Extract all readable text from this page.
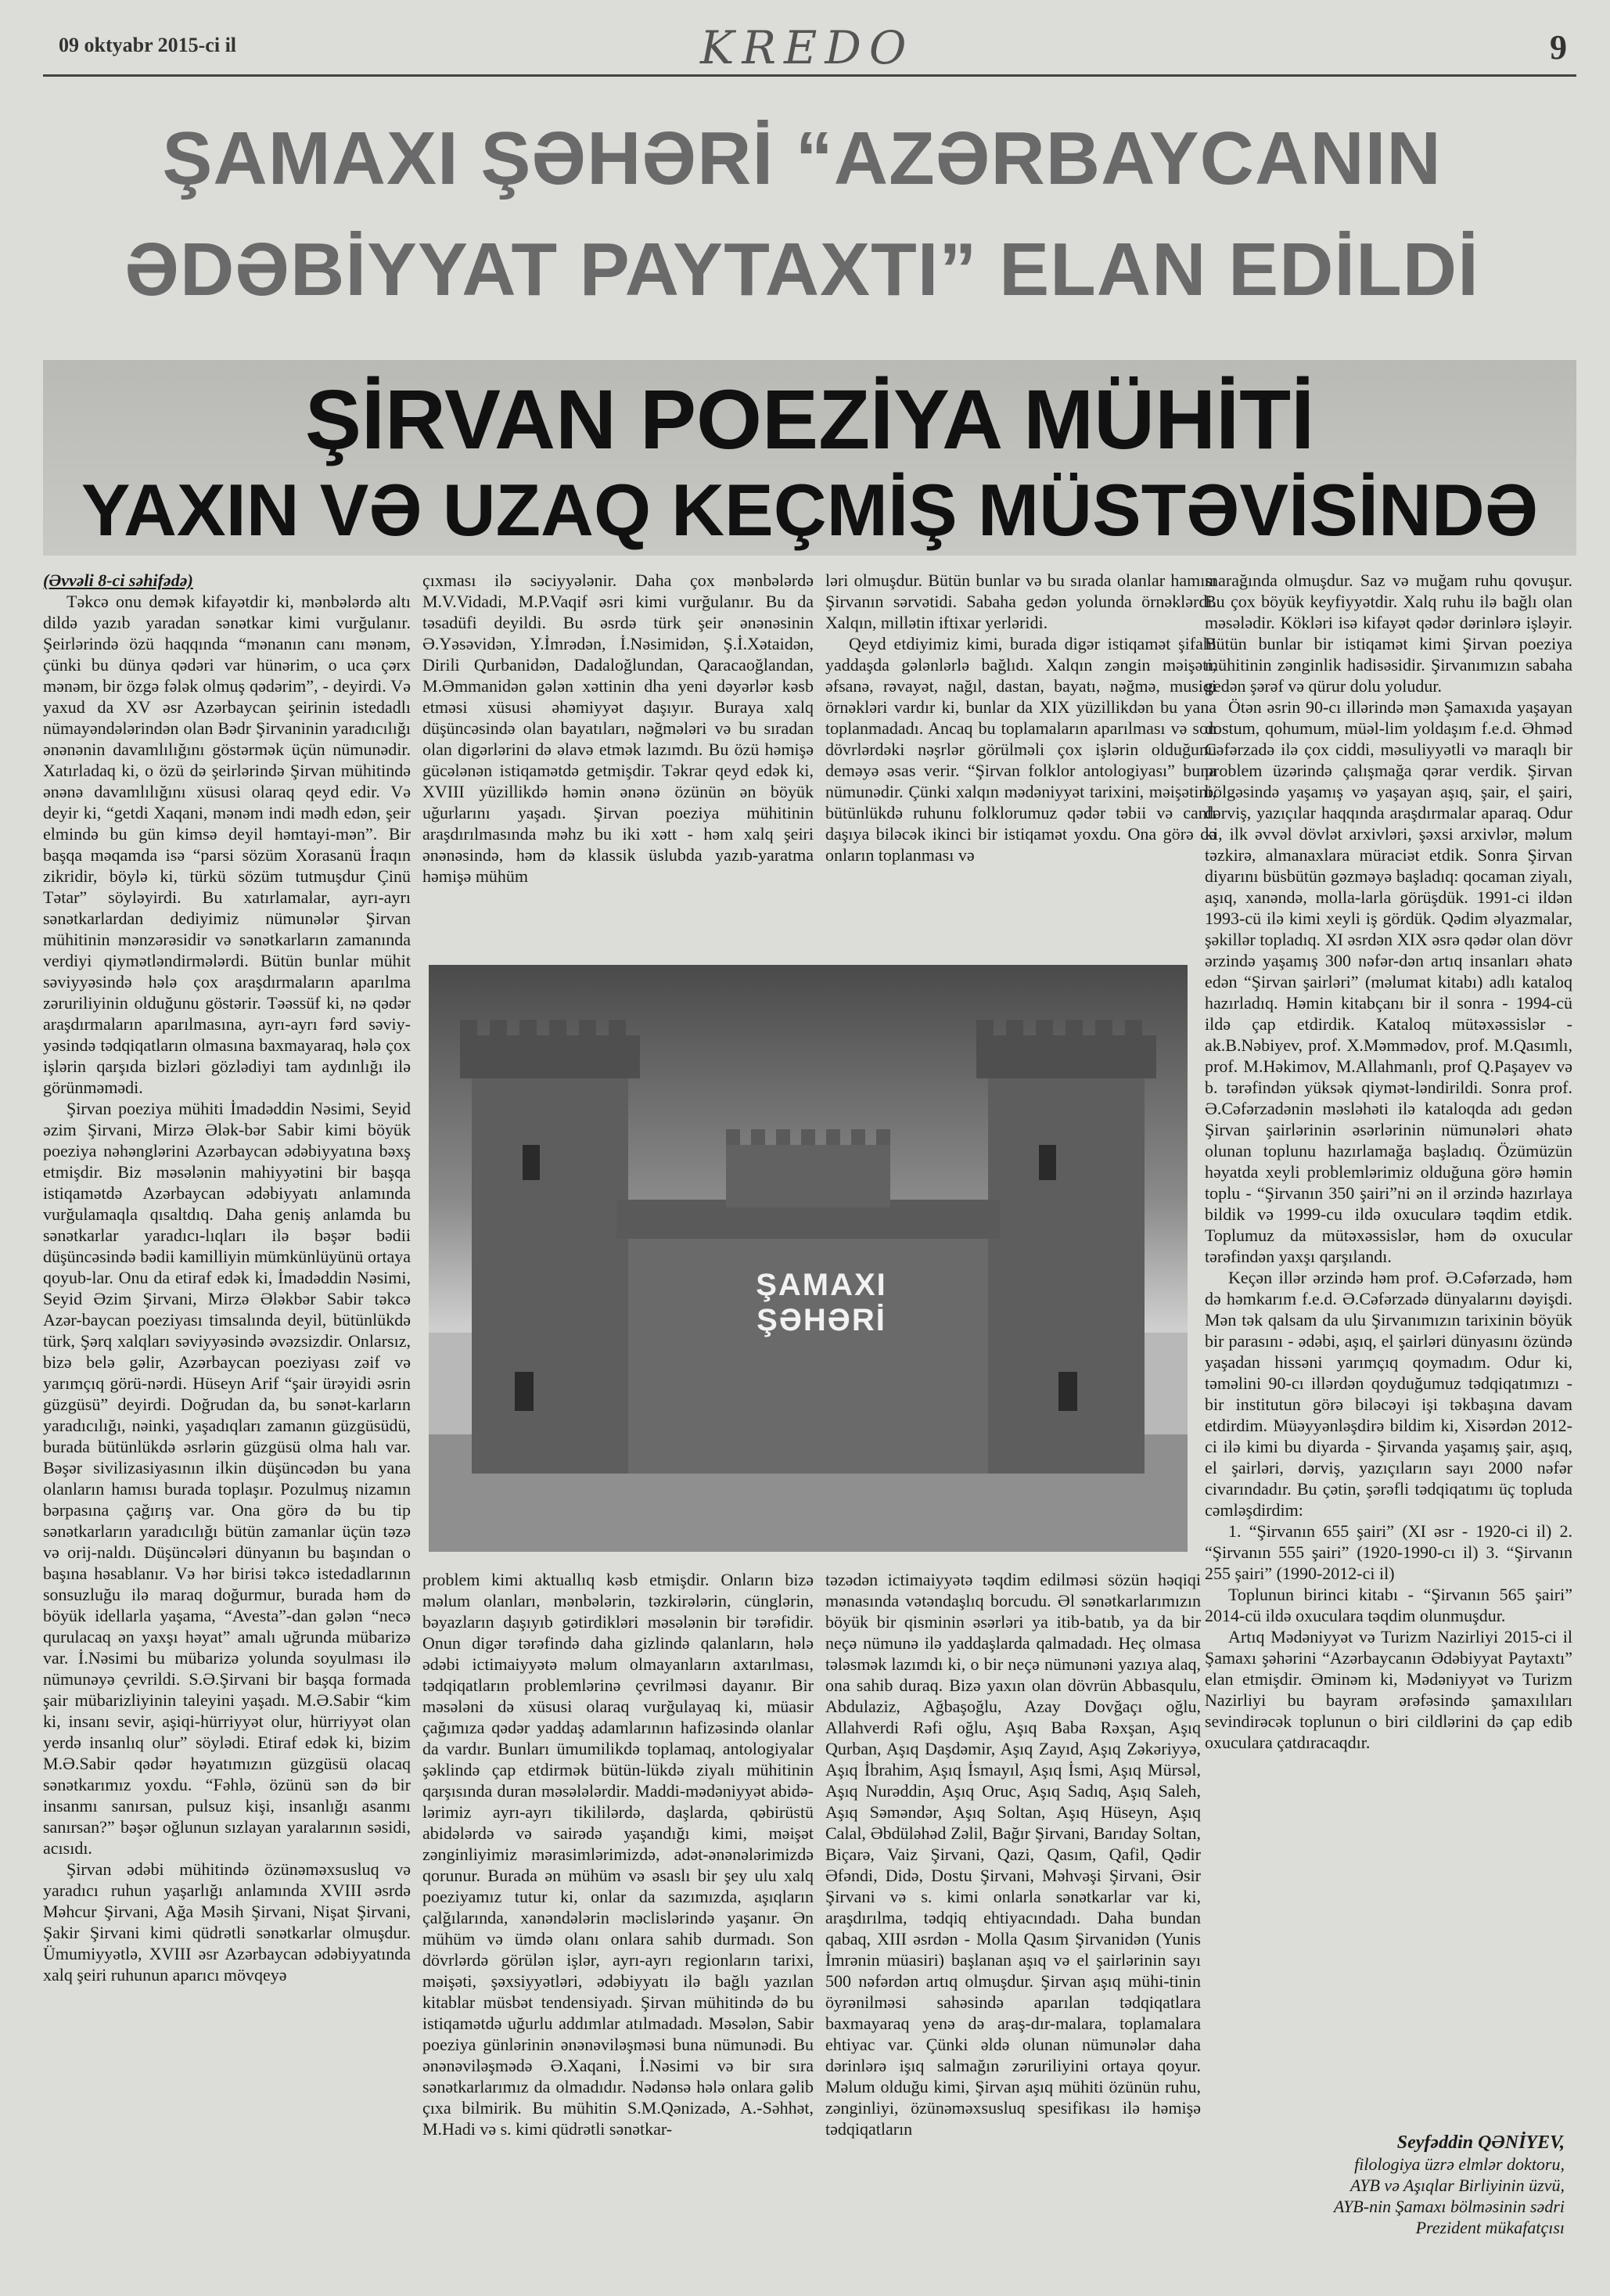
09 oktyabr 2015-ci il	KREDO	9
ŞAMAXI ŞƏHƏRİ “AZƏRBAYCANIN
ƏDƏBİYYAT PAYTAXTI” ELAN EDİLDİ
ŞİRVAN POEZİYA MÜHİTİ
YAXIN VƏ UZAQ KEÇMİŞ MÜSTƏVİSİNDƏ

(Əvvəli 8-ci səhifədə)

Təkcə onu demək kifayətdir ki, mənbələrdə altı dildə yazıb yaradan sənətkar kimi vurğulanır. Şeirlərində özü haqqında “mənanın canı mənəm, çünki bu dünya qədəri var hünərim, o uca çərx mənəm, bir özgə fələk olmuş qədərim”, - deyirdi. Və yaxud da XV əsr Azərbaycan şeirinin istedadlı nümayəndələrindən olan Bədr Şirvaninin yaradıcılığı ənənənin davamlılığını göstərmək üçün nümunədir. Xatırladaq ki, o özü də şeirlərində Şirvan mühitində ənənə davamlılığını xüsusi olaraq qeyd edir. Və deyir ki, “getdi Xaqani, mənəm indi mədh edən, şeir elmində bu gün kimsə deyil həmtayi-mən”. Bir başqa məqamda isə “parsi sözüm Xorasanü İraqın zikridir, böylə ki, türkü sözüm tutmuşdur Çinü Tətar” söyləyirdi. Bu xatırlamalar, ayrı-ayrı sənətkarlardan dediyimiz nümunələr Şirvan mühitinin mənzərəsidir və sənətkarların zamanında verdiyi qiymətləndirmələrdi. Bütün bunlar mühit səviyyəsində hələ çox araşdırmaların aparılma zəruriliyinin olduğunu göstərir. Təəssüf ki, nə qədər araşdırmaların aparılmasına, ayrı-ayrı fərd səviy-yəsində tədqiqatların olmasına baxmayaraq, hələ çox işlərin qarşıda bizləri gözlədiyi tam aydınlığı ilə görünməmədi.

Şirvan poeziya mühiti İmadəddin Nəsimi, Seyid əzim Şirvani, Mirzə Ələk-bər Sabir kimi böyük poeziya nəhənglərini Azərbaycan ədəbiyyatına bəxş etmişdir. Biz məsələnin mahiyyətini bir başqa istiqamətdə Azərbaycan ədəbiyyatı anlamında vurğulamaqla qısaltdıq. Daha geniş anlamda bu sənətkarlar yaradıcı-lıqları ilə bəşər bədii düşüncəsində bədii kamilliyin mümkünlüyünü ortaya qoyub-lar. Onu da etiraf edək ki, İmadəddin Nəsimi, Seyid Əzim Şirvani, Mirzə Ələkbər Sabir təkcə Azər-baycan poeziyası timsalında deyil, bütünlükdə türk, Şərq xalqları səviyyəsində əvəzsizdir. Onlarsız, bizə belə gəlir, Azərbaycan poeziyası zəif və yarımçıq görü-nərdi. Hüseyn Arif “şair ürəyidi əsrin güzgüsü” deyirdi. Doğrudan da, bu sənət-karların yaradıcılığı, nəinki, yaşadıqları zamanın güzgüsüdü, burada bütünlükdə əsrlərin güzgüsü olma halı var. Bəşər sivilizasiyasının ilkin düşüncədən bu yana olanların hamısı burada toplaşır. Pozulmuş nizamın bərpasına çağırış var. Ona görə də bu tip sənətkarların yaradıcılığı bütün zamanlar üçün təzə və orij-naldı. Düşüncələri dünyanın bu başından o başına həsablanır. Və hər birisi təkcə istedadlarının sonsuzluğu ilə maraq doğurmur, burada həm də böyük idellarla yaşama, “Avesta”-dan gələn “necə qurulacaq ən yaxşı həyat” amalı uğrunda mübarizə var. İ.Nəsimi bu mübarizə yolunda soyulması ilə nümunəyə çevrildi. S.Ə.Şirvani bir başqa formada şair mübarizliyinin taleyini yaşadı. M.Ə.Sabir “kim ki, insanı sevir, aşiqi-hürriyyət olur, hürriyyət olan yerdə insanlıq olur” söylədi. Etiraf edək ki, bizim M.Ə.Sabir qədər həyatımızın güzgüsü olacaq sənətkarımız yoxdu. “Fəhlə, özünü sən də bir insanmı sanırsan, pulsuz kişi, insanlığı asanmı sanırsan?” bəşər oğlunun sızlayan yaralarının səsidi, acısıdı.

Şirvan ədəbi mühitində özünəməxsusluq və yaradıcı ruhun yaşarlığı anlamında XVIII əsrdə Məhcur Şirvani, Ağa Məsih Şirvani, Nişat Şirvani, Şakir Şirvani kimi qüdrətli sənətkarlar olmuşdur. Ümumiyyətlə, XVIII əsr Azərbaycan ədəbiyyatında xalq şeiri ruhunun aparıcı mövqeyə

çıxması ilə səciyyələnir. Daha çox mənbələrdə M.V.Vidadi, M.P.Vaqif əsri kimi vurğulanır. Bu da təsadüfi deyildi. Bu əsrdə türk şeir ənənəsinin Ə.Yəsəvidən, Y.İmrədən, İ.Nəsimidən, Ş.İ.Xətaidən, Dirili Qurbanidən, Dadaloğlundan, Qaracaoğlandan, M.Əmmanidən gələn xəttinin dha yeni dəyərlər kəsb etməsi xüsusi əhəmiyyət daşıyır. Buraya xalq düşüncəsində olan bayatıları, nəğmələri və bu sıradan olan digərlərini də əlavə etmək lazımdı. Bu özü həmişə gücələnən istiqamətdə getmişdir. Təkrar qeyd edək ki, XVIII yüzillikdə həmin ənənə özünün ən böyük uğurlarını yaşadı. Şirvan poeziya mühitinin araşdırılmasında məhz bu iki xətt - həm xalq şeiri ənənəsində, həm də klassik üslubda yazıb-yaratma həmişə mühüm

ləri olmuşdur. Bütün bunlar və bu sırada olanlar hamısı Şirvanın sərvətidi. Sabaha gedən yolunda örnəklərdi. Xalqın, millətin iftixar yerləridi.

Qeyd etdiyimiz kimi, burada digər istiqamət şifahi yaddaşda gələnlərlə bağlıdı. Xalqın zəngin məişəti, əfsanə, rəvayət, nağıl, dastan, bayatı, nəğmə, musiqi örnəkləri vardır ki, bunlar da XIX yüzillikdən bu yana toplanmadadı. Ancaq bu toplamaların aparılması və son dövrlərdəki nəşrlər görülməli çox işlərin olduğunu deməyə əsas verir. “Şirvan folklor antologiyası” buna nümunədir. Çünki xalqın mədəniyyət tarixini, məişətini, bütünlükdə ruhunu folklorumuz qədər təbii və canlı daşıya biləcək ikinci bir istiqamət yoxdu. Ona görə də onların toplanması və

ŞAMAXI ŞƏHƏRİ

marağında olmuşdur. Saz və muğam ruhu qovuşur. Bu çox böyük keyfiyyətdir. Xalq ruhu ilə bağlı olan məsələdir. Kökləri isə kifayət qədər dərinlərə işləyir. Bütün bunlar bir istiqamət kimi Şirvan poeziya mühitinin zənginlik hadisəsidir. Şirvanımızın sabaha gedən şərəf və qürur dolu yoludur.

Ötən əsrin 90-cı illərində mən Şamaxıda yaşayan dostum, qohumum, müəl-lim yoldaşım f.e.d. Əhməd Cəfərzadə ilə çox ciddi, məsuliyyətli və maraqlı bir problem üzərində çalışmağa qərar verdik. Şirvan bölgəsində yaşamış və yaşayan aşıq, şair, el şairi, dərviş, yazıçılar haqqında araşdırmalar aparaq. Odur ki, ilk əvvəl dövlət arxivləri, şəxsi arxivlər, məlum təzkirə, almanaxlara müraciət etdik. Sonra Şirvan diyarını büsbütün gəzməyə başladıq: qocaman ziyalı, aşıq, xanəndə, molla-larla görüşdük. 1991-ci ildən 1993-cü ilə kimi xeyli iş gördük. Qədim əlyazmalar, şəkillər topladıq. XI əsrdən XIX əsrə qədər olan dövr ərzində yaşamış 300 nəfər-dən artıq insanları əhatə edən “Şirvan şairləri” (məlumat kitabı) adlı kataloq hazırladıq. Həmin kitabçanı bir il sonra - 1994-cü ildə çap etdirdik. Kataloq mütəxəssislər - ak.B.Nəbiyev, prof. X.Məmmədov, prof. M.Qasımlı, prof. M.Həkimov, M.Allahmanlı, prof Q.Paşayev və b. tərəfindən yüksək qiymət-ləndirildi. Sonra prof. Ə.Cəfərzadənin məsləhəti ilə kataloqda adı gedən Şirvan şairlərinin əsərlərinin nümunələri əhatə olunan toplunu hazırlamağa başladıq. Özümüzün həyatda xeyli problemlərimiz olduğuna görə həmin toplu - “Şirvanın 350 şairi”ni ən il ərzində hazırlaya bildik və 1999-cu ildə oxucularə təqdim etdik. Toplumuz da mütəxəssislər, həm də oxucular tərəfindən yaxşı qarşılandı.

Keçən illər ərzində həm prof. Ə.Cəfərzadə, həm də həmkarım f.e.d. Ə.Cəfərzadə dünyalarını dəyişdi. Mən tək qalsam da ulu Şirvanımızın tarixinin böyük bir parasını - ədəbi, aşıq, el şairləri dünyasını özündə yaşadan hissəni yarımçıq qoymadım. Odur ki, təməlini 90-cı illərdən qoyduğumuz tədqiqatımızı - bir institutun görə biləcəyi işi təkbaşına davam etdirdim. Müəyyənləşdirə bildim ki, Xisərdən 2012-ci ilə kimi bu diyarda - Şirvanda yaşamış şair, aşıq, el şairləri, dərviş, yazıçıların sayı 2000 nəfər civarındadır. Bu çətin, şərəfli tədqiqatımı üç topluda cəmləşdirdim:

1. “Şirvanın 655 şairi” (XI əsr - 1920-ci il) 2. “Şirvanın 555 şairi” (1920-1990-cı il) 3. “Şirvanın 255 şairi” (1990-2012-ci il)

Toplunun birinci kitabı - “Şirvanın 565 şairi” 2014-cü ildə oxuculara təqdim olunmuşdur.

Artıq Mədəniyyət və Turizm Nazirliyi 2015-ci il Şamaxı şəhərini “Azərbaycanın Ədəbiyyat Paytaxtı” elan etmişdir. Əminəm ki, Mədəniyyət və Turizm Nazirliyi bu bayram ərəfəsində şamaxılıları sevindirəcək toplunun o biri cildlərini də çap edib oxuculara çatdıracaqdır.

problem kimi aktuallıq kəsb etmişdir. Onların bizə məlum olanları, mənbələrin, təzkirələrin, cünglərin, bəyazların daşıyıb gətirdikləri məsələnin bir tərəfidir. Onun digər tərəfində daha gizlində qalanların, hələ ədəbi ictimaiyyətə məlum olmayanların axtarılması, tədqiqatların problemlərinə çevrilməsi dayanır. Bir məsələni də xüsusi olaraq vurğulayaq ki, müasir çağımıza qədər yaddaş adamlarının hafizəsində olanlar da vardır. Bunları ümumilikdə toplamaq, antologiyalar şəklində çap etdirmək bütün-lükdə ziyalı mühitinin qarşısında duran məsələlərdir. Maddi-mədəniyyət abidə-lərimiz ayrı-ayrı tikililərdə, daşlarda, qəbirüstü abidələrdə və sairədə yaşandığı kimi, məişət zənginliyimiz mərasimlərimizdə, adət-ənənələrimizdə qorunur. Burada ən mühüm və əsaslı bir şey ulu xalq poeziyamız tutur ki, onlar da sazımızda, aşıqların çalğılarında, xanəndələrin məclislərində yaşanır. Ən mühüm və ümdə olanı onlara sahib durmadı. Son dövrlərdə görülən işlər, ayrı-ayrı regionların tarixi, məişəti, şəxsiyyətləri, ədəbiyyatı ilə bağlı yazılan kitablar müsbət tendensiyadı. Şirvan mühitində də bu istiqamətdə uğurlu addımlar atılmadadı. Məsələn, Sabir poeziya günlərinin ənənəviləşməsi buna nümunədi. Bu ənənəviləşmədə Ə.Xaqani, İ.Nəsimi və bir sıra sənətkarlarımız da olmadıdır. Nədənsə hələ onlara gəlib çıxa bilmirik. Bu mühitin S.M.Qənizadə, A.-Səhhət, M.Hadi və s. kimi qüdrətli sənətkar-

təzədən ictimaiyyətə təqdim edilməsi sözün həqiqi mənasında vətəndaşlıq borcudu. Əl sənətkarlarımızın böyük bir qisminin əsərləri ya itib-batıb, ya da bir neçə nümunə ilə yaddaşlarda qalmadadı. Heç olmasa tələsmək lazımdı ki, o bir neçə nümunəni yazıya alaq, ona sahib duraq. Bizə yaxın olan dövrün Abbasqulu, Abdulaziz, Ağbaşoğlu, Azay Dovğaçı oğlu, Allahverdi Rəfi oğlu, Aşıq Baba Rəxşan, Aşıq Qurban, Aşıq Daşdəmir, Aşıq Zayıd, Aşıq Zəkəriyyə, Aşıq İbrahim, Aşıq İsmayıl, Aşıq İsmi, Aşıq Mürsəl, Aşıq Nurəddin, Aşıq Oruc, Aşıq Sadıq, Aşıq Saleh, Aşıq Səməndər, Aşıq Soltan, Aşıq Hüseyn, Aşıq Calal, Əbdüləhəd Zəlil, Bağır Şirvani, Barıday Soltan, Biçarə, Vaiz Şirvani, Qazi, Qasım, Qafil, Qədir Əfəndi, Didə, Dostu Şirvani, Məhvəşi Şirvani, Əsir Şirvani və s. kimi onlarla sənətkarlar var ki, araşdırılma, tədqiq ehtiyacındadı. Daha bundan qabaq, XIII əsrdən - Molla Qasım Şirvanidən (Yunis İmrənin müasiri) başlanan aşıq və el şairlərinin sayı 500 nəfərdən artıq olmuşdur. Şirvan aşıq mühi-tinin öyrənilməsi sahəsində aparılan tədqiqatlara baxmayaraq yenə də araş-dır-malara, toplamalara ehtiyac var. Çünki əldə olunan nümunələr daha dərinlərə işıq salmağın zəruriliyini ortaya qoyur. Məlum olduğu kimi, Şirvan aşıq mühiti özünün ruhu, zənginliyi, özünəməxsusluq spesifikası ilə həmişə tədqiqatların

Seyfəddin QƏNİYEV,
filologiya üzrə elmlər doktoru,
AYB və Aşıqlar Birliyinin üzvü,
AYB-nin Şamaxı bölməsinin sədri
Prezident mükafatçısı
